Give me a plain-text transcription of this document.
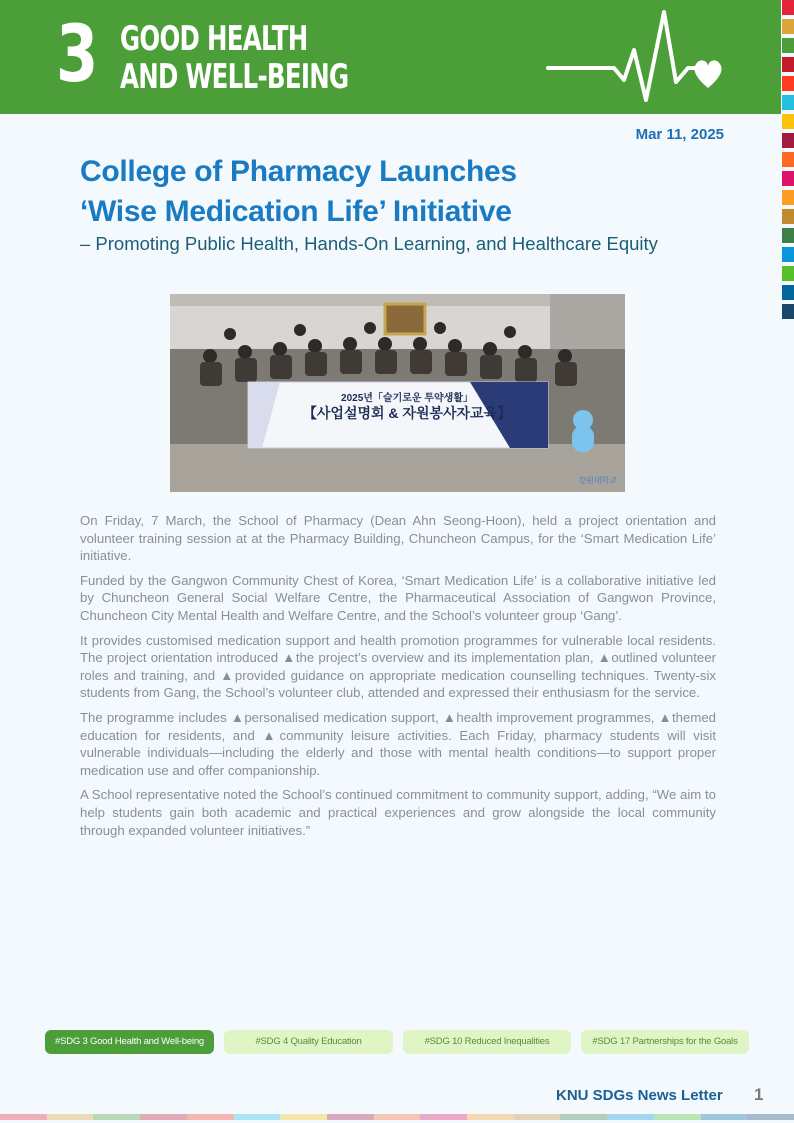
3 GOOD HEALTH
AND WELL-BEING
Mar 11, 2025
College of Pharmacy Launches
‘Wise Medication Life’ Initiative
– Promoting Public Health, Hands-On Learning, and Healthcare Equity
2025년「슬기로운 투약생활」
【사업설명회 & 자원봉사자교육】
강원대학교

On Friday, 7 March, the School of Pharmacy (Dean Ahn Seong-Hoon), held a project orientation and volunteer training session at at the Pharmacy Building, Chuncheon Campus, for the ‘Smart Medication Life’ initiative.

Funded by the Gangwon Community Chest of Korea, ‘Smart Medication Life’ is a collaborative initiative led by Chuncheon General Social Welfare Centre, the Pharmaceutical Association of Gangwon Province, Chuncheon City Mental Health and Welfare Centre, and the School’s volunteer group ‘Gang’.

It provides customised medication support and health promotion programmes for vulnerable local residents. The project orientation introduced ▲the project’s overview and its implementation plan, ▲outlined volunteer roles and training, and ▲provided guidance on appropriate medication counselling techniques. Twenty-six students from Gang, the School’s volunteer club, attended and expressed their enthusiasm for the service.

The programme includes ▲personalised medication support, ▲health improvement programmes, ▲themed education for residents, and ▲community leisure activities. Each Friday, pharmacy students will visit vulnerable individuals—including the elderly and those with mental health conditions—to support proper medication use and offer companionship.

A School representative noted the School’s continued commitment to community support, adding, “We aim to help students gain both academic and practical experiences and grow alongside the local community through expanded volunteer initiatives.”

#SDG 3 Good Health and Well-being	#SDG 4 Quality Education	#SDG 10 Reduced Inequalities	#SDG 17 Partnerships for the Goals
KNU SDGs News Letter 1
